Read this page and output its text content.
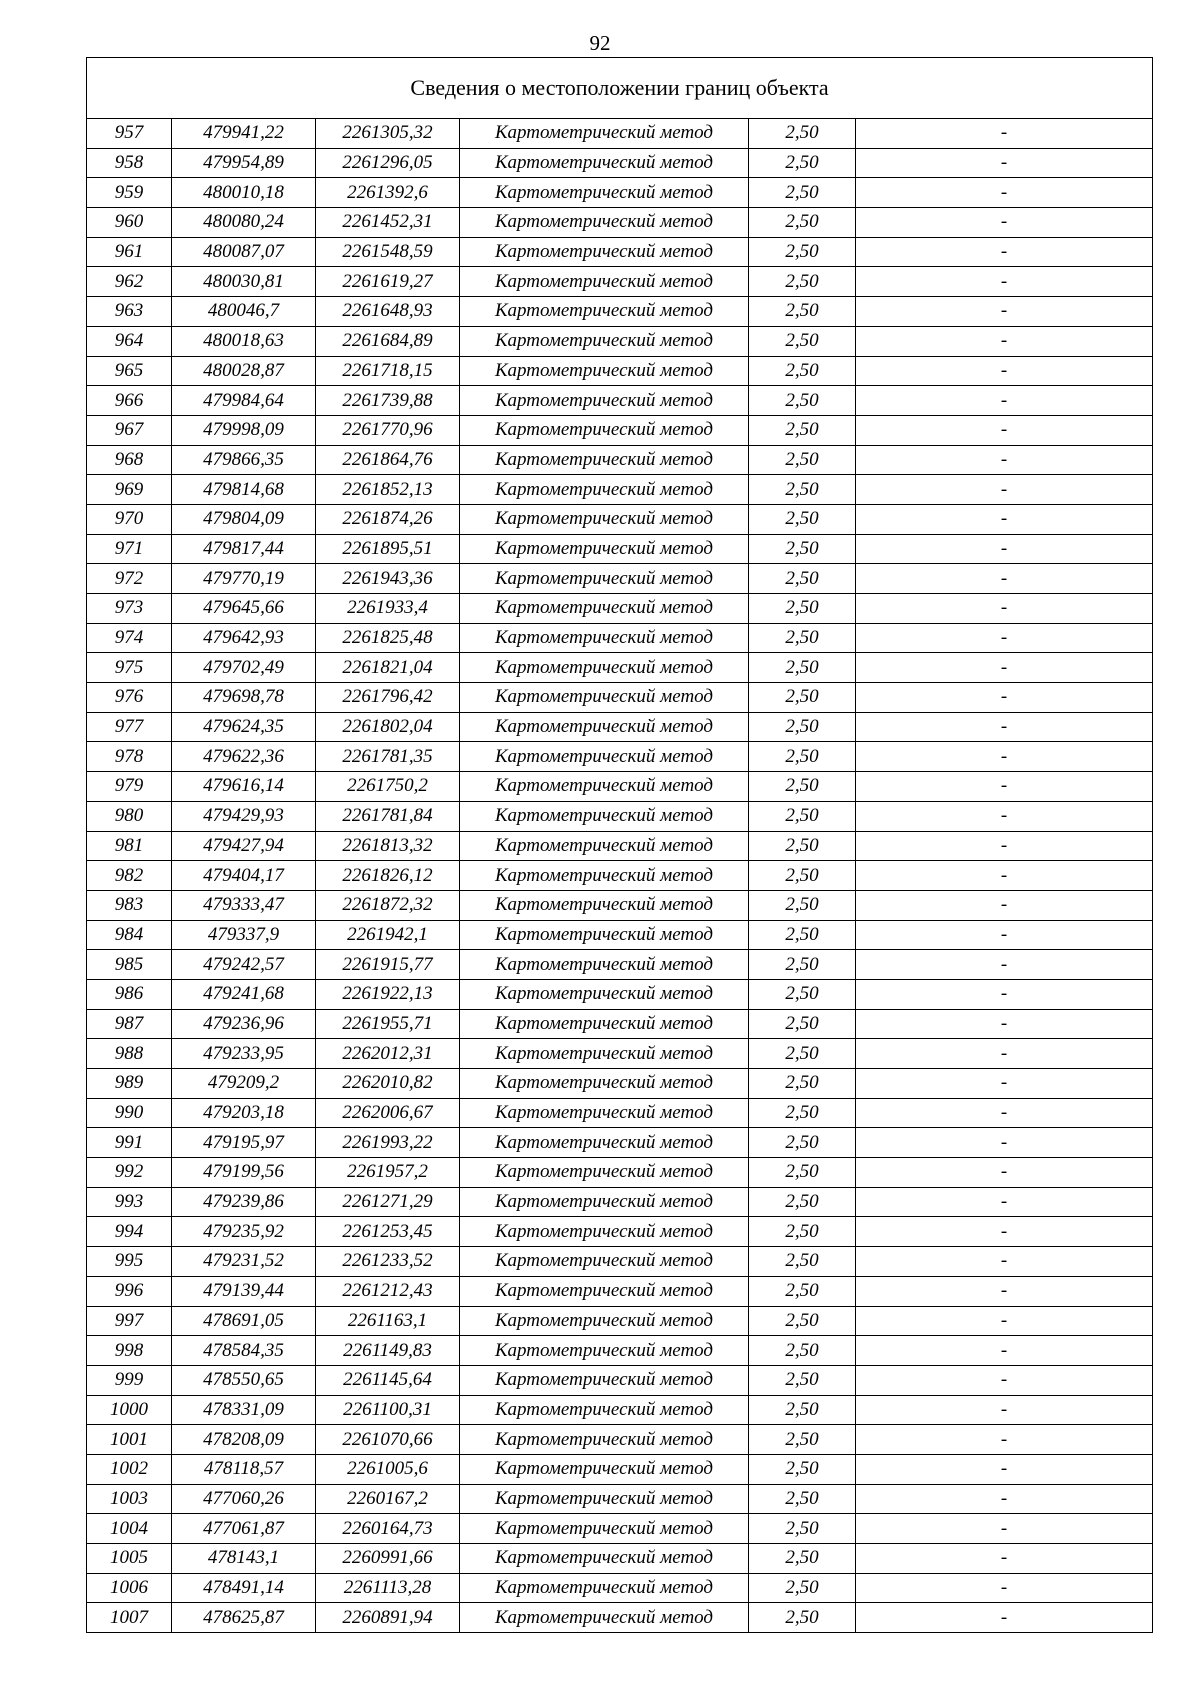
92
Сведения о местоположении границ объекта					
957	479941,22	2261305,32	Картометрический метод	2,50	-
958	479954,89	2261296,05	Картометрический метод	2,50	-
959	480010,18	2261392,6	Картометрический метод	2,50	-
960	480080,24	2261452,31	Картометрический метод	2,50	-
961	480087,07	2261548,59	Картометрический метод	2,50	-
962	480030,81	2261619,27	Картометрический метод	2,50	-
963	480046,7	2261648,93	Картометрический метод	2,50	-
964	480018,63	2261684,89	Картометрический метод	2,50	-
965	480028,87	2261718,15	Картометрический метод	2,50	-
966	479984,64	2261739,88	Картометрический метод	2,50	-
967	479998,09	2261770,96	Картометрический метод	2,50	-
968	479866,35	2261864,76	Картометрический метод	2,50	-
969	479814,68	2261852,13	Картометрический метод	2,50	-
970	479804,09	2261874,26	Картометрический метод	2,50	-
971	479817,44	2261895,51	Картометрический метод	2,50	-
972	479770,19	2261943,36	Картометрический метод	2,50	-
973	479645,66	2261933,4	Картометрический метод	2,50	-
974	479642,93	2261825,48	Картометрический метод	2,50	-
975	479702,49	2261821,04	Картометрический метод	2,50	-
976	479698,78	2261796,42	Картометрический метод	2,50	-
977	479624,35	2261802,04	Картометрический метод	2,50	-
978	479622,36	2261781,35	Картометрический метод	2,50	-
979	479616,14	2261750,2	Картометрический метод	2,50	-
980	479429,93	2261781,84	Картометрический метод	2,50	-
981	479427,94	2261813,32	Картометрический метод	2,50	-
982	479404,17	2261826,12	Картометрический метод	2,50	-
983	479333,47	2261872,32	Картометрический метод	2,50	-
984	479337,9	2261942,1	Картометрический метод	2,50	-
985	479242,57	2261915,77	Картометрический метод	2,50	-
986	479241,68	2261922,13	Картометрический метод	2,50	-
987	479236,96	2261955,71	Картометрический метод	2,50	-
988	479233,95	2262012,31	Картометрический метод	2,50	-
989	479209,2	2262010,82	Картометрический метод	2,50	-
990	479203,18	2262006,67	Картометрический метод	2,50	-
991	479195,97	2261993,22	Картометрический метод	2,50	-
992	479199,56	2261957,2	Картометрический метод	2,50	-
993	479239,86	2261271,29	Картометрический метод	2,50	-
994	479235,92	2261253,45	Картометрический метод	2,50	-
995	479231,52	2261233,52	Картометрический метод	2,50	-
996	479139,44	2261212,43	Картометрический метод	2,50	-
997	478691,05	2261163,1	Картометрический метод	2,50	-
998	478584,35	2261149,83	Картометрический метод	2,50	-
999	478550,65	2261145,64	Картометрический метод	2,50	-
1000	478331,09	2261100,31	Картометрический метод	2,50	-
1001	478208,09	2261070,66	Картометрический метод	2,50	-
1002	478118,57	2261005,6	Картометрический метод	2,50	-
1003	477060,26	2260167,2	Картометрический метод	2,50	-
1004	477061,87	2260164,73	Картометрический метод	2,50	-
1005	478143,1	2260991,66	Картометрический метод	2,50	-
1006	478491,14	2261113,28	Картометрический метод	2,50	-
1007	478625,87	2260891,94	Картометрический метод	2,50	-
